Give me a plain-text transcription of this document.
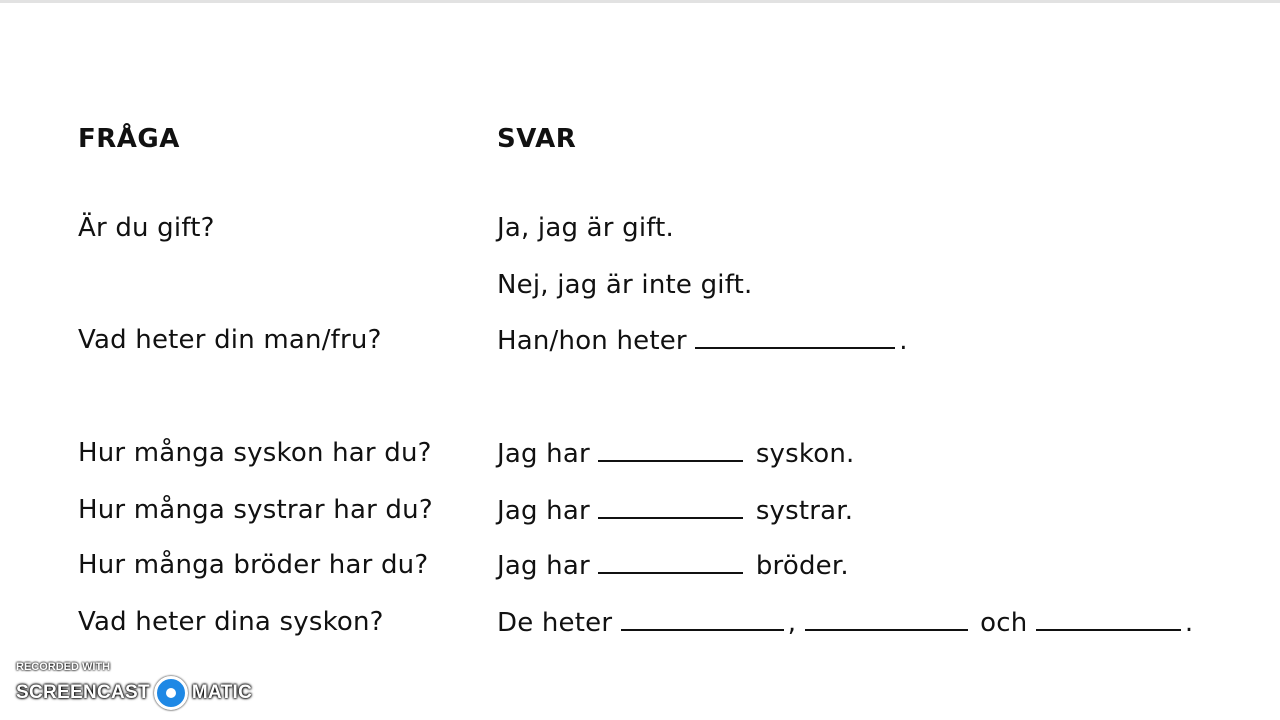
FRÅGA	SVAR
Är du gift?	Ja, jag är gift.
Nej, jag är inte gift.
Vad heter din man/fru?	Han/hon heter	.
Hur många syskon har du?	Jag har	syskon.
Hur många systrar har du? Jag har	systrar.
Hur många bröder har du?	Jag har	bröder.
Vad heter dina syskon?	De heter	,	och	.
RECORDED WITH
SCREENCAST MATIC
